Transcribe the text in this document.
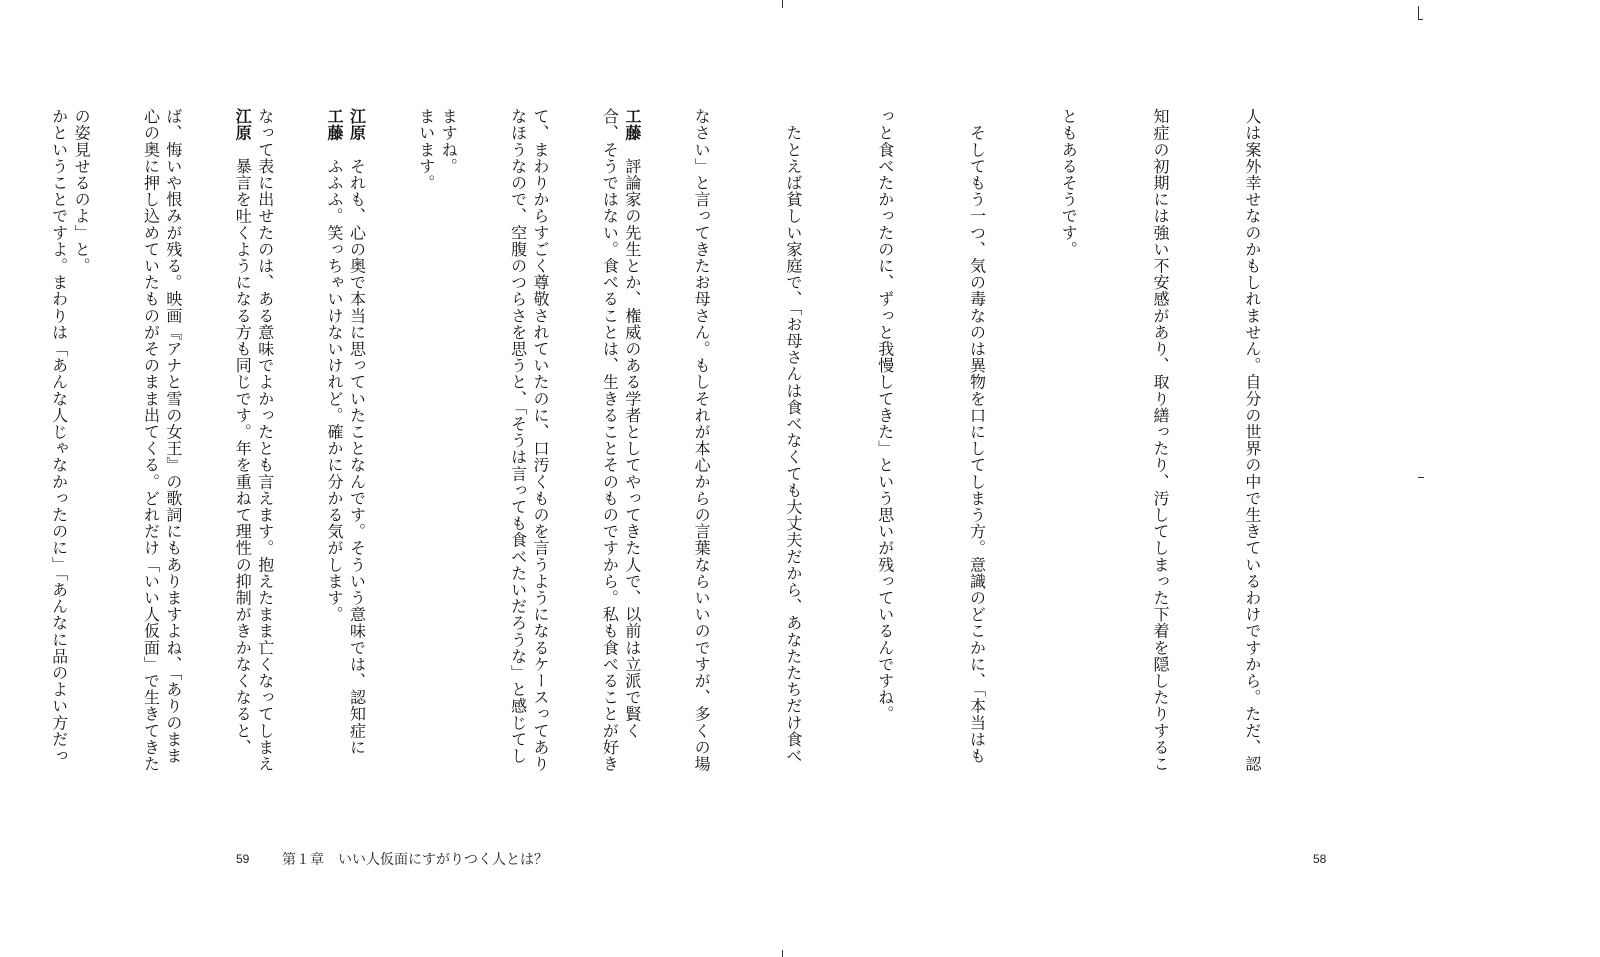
人は案外幸せなのかもしれません。自分の世界の中で生きているわけですから。ただ、認

知症の初期には強い不安感があり、取り繕ったり、汚してしまった下着を隠したりするこ

ともあるそうです。

　そしてもう一つ、気の毒なのは異物を口にしてしまう方。意識のどこかに、「本当はも

っと食べたかったのに、ずっと我慢してきた」という思いが残っているんですね。

　たとえば貧しい家庭で、「お母さんは食べなくても大丈夫だから、あなたたちだけ食べ

なさい」と言ってきたお母さん。もしそれが本心からの言葉ならいいのですが、多くの場

合、そうではない。食べることは、生きることそのものですから。私も食べることが好き

なほうなので、空腹のつらさを思うと、「そうは言っても食べたいだろうな」と感じてし

まいます。

工藤　ふふふ。笑っちゃいけないけれど。確かに分かる気がします。

江原　暴言を吐くようになる方も同じです。年を重ねて理性の抑制がきかなくなると、

心の奥に押し込めていたものがそのまま出てくる。どれだけ「いい人仮面」で生きてきた

かということですよ。まわりは「あんな人じゃなかったのに」「あんなに品のよい方だっ

	工藤　評論家の先生とか、権威のある学者としてやってきた人で、以前は立派で賢く

て、まわりからすごく尊敬されていたのに、口汚くものを言うようになるケースってあり

ますね。

江原　それも、心の奥で本当に思っていたことなんです。そういう意味では、認知症に

なって表に出せたのは、ある意味でよかったとも言えます。抱えたまま亡くなってしまえ

ば、悔いや恨みが残る。映画『アナと雪の女王』の歌詞にもありますよね、「ありのまま

の姿見せるのよ」と。

59 第１章　いい人仮面にすがりつく人とは？	58
